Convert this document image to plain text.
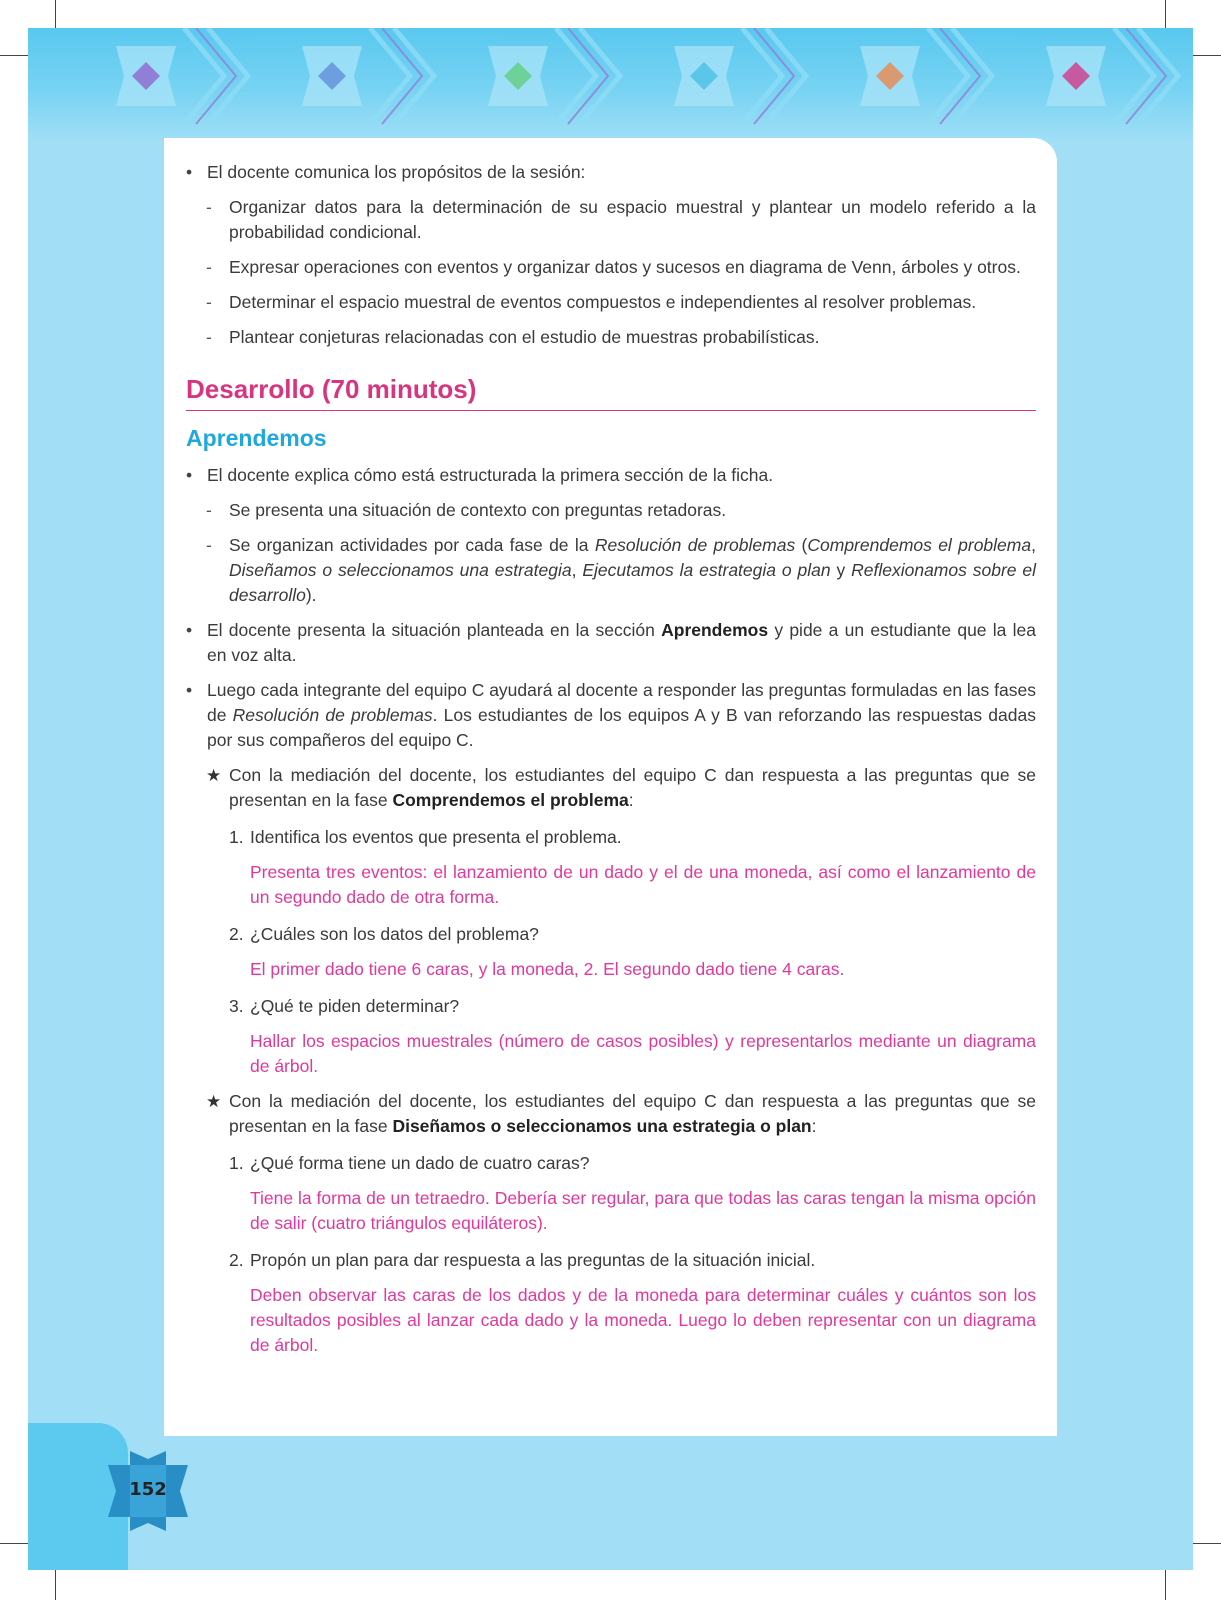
• El docente comunica los propósitos de la sesión:

- Organizar datos para la determinación de su espacio muestral y plantear un modelo referido a la probabilidad condicional.

- Expresar operaciones con eventos y organizar datos y sucesos en diagrama de Venn, árboles y otros.

- Determinar el espacio muestral de eventos compuestos e independientes al resolver problemas.

- Plantear conjeturas relacionadas con el estudio de muestras probabilísticas.

Desarrollo (70 minutos)

Aprendemos

• El docente explica cómo está estructurada la primera sección de la ficha.

- Se presenta una situación de contexto con preguntas retadoras.

- Se organizan actividades por cada fase de la Resolución de problemas (Comprendemos el problema, Diseñamos o seleccionamos una estrategia, Ejecutamos la estrategia o plan y Reflexionamos sobre el desarrollo).

• El docente presenta la situación planteada en la sección Aprendemos y pide a un estudiante que la lea en voz alta.

• Luego cada integrante del equipo C ayudará al docente a responder las preguntas formuladas en las fases de Resolución de problemas. Los estudiantes de los equipos A y B van reforzando las respuestas dadas por sus compañeros del equipo C.

★ Con la mediación del docente, los estudiantes del equipo C dan respuesta a las preguntas que se presentan en la fase Comprendemos el problema:

1. Identifica los eventos que presenta el problema.

Presenta tres eventos: el lanzamiento de un dado y el de una moneda, así como el lanzamiento de un segundo dado de otra forma.

2. ¿Cuáles son los datos del problema?

El primer dado tiene 6 caras, y la moneda, 2. El segundo dado tiene 4 caras.

3. ¿Qué te piden determinar?

Hallar los espacios muestrales (número de casos posibles) y representarlos mediante un diagrama de árbol.

★ Con la mediación del docente, los estudiantes del equipo C dan respuesta a las preguntas que se presentan en la fase Diseñamos o seleccionamos una estrategia o plan:

1. ¿Qué forma tiene un dado de cuatro caras?

Tiene la forma de un tetraedro. Debería ser regular, para que todas las caras tengan la misma opción de salir (cuatro triángulos equiláteros).

2. Propón un plan para dar respuesta a las preguntas de la situación inicial.

Deben observar las caras de los dados y de la moneda para determinar cuáles y cuántos son los resultados posibles al lanzar cada dado y la moneda. Luego lo deben representar con un diagrama de árbol.

152
